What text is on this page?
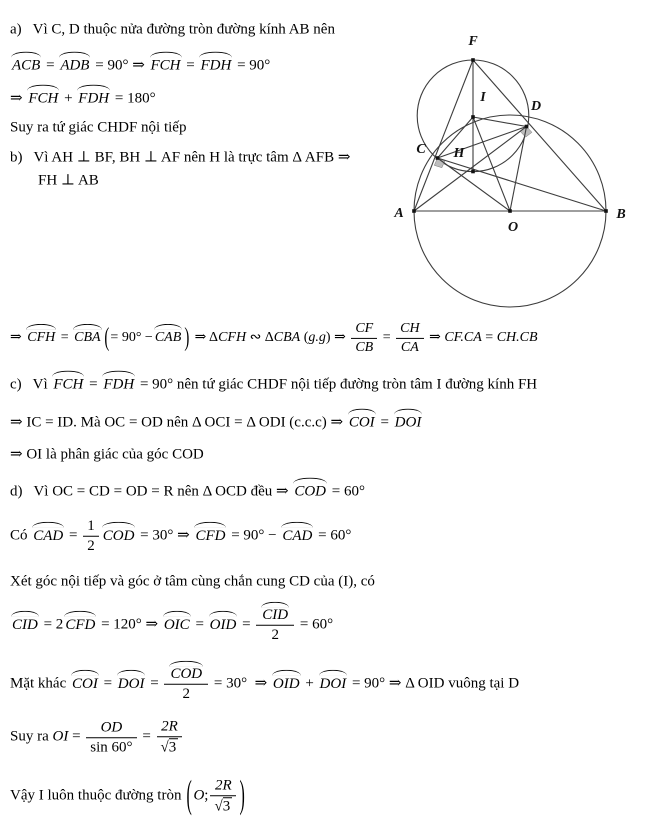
a)   Vì C, D thuộc nửa đường tròn đường kính AB nên
ACB = ADB = 90° ⇒ FCH = FDH = 90°
⇒ FCH + FDH = 180°
Suy ra tứ giác CHDF nội tiếp
b)   Vì AH ⊥ BF, BH ⊥ AF nên H là trực tâm Δ AFB ⇒
FH ⊥ AB
⇒ CFH = CBA ( = 90° − CAB ) ⇒ ΔCFH ∾ ΔCBA (g.g) ⇒ $\frac{CF}{CB} = \frac{CH}{CA}$ ⇒ CF.CA = CH.CB
c)   Vì FCH = FDH = 90° nên tứ giác CHDF nội tiếp đường tròn tâm I đường kính FH
⇒ IC = ID. Mà OC = OD nên Δ OCI = Δ ODI (c.c.c) ⇒ COI = DOI
⇒ OI là phân giác của góc COD
d)   Vì OC = CD = OD = R nên Δ OCD đều ⇒ COD = 60°
Có CAD = $\frac{1}{2}$ COD = 30° ⇒ CFD = 90° − CAD = 60°
Xét góc nội tiếp và góc ở tâm cùng chắn cung CD của (I), có
CID = 2 CFD = 120° ⇒ OIC = OID = $\frac{\text{CID}}{2} = 60^\circ$
Mặt khác COI = DOI = $\frac{\text{COD}}{2} = 30^\circ$  ⇒ OID + DOI = 90° ⇒ Δ OID vuông tại D
Suy ra OI = $\frac{OD}{\sin 60^\circ} = \frac{2R}{√3}$
Vậy I luôn thuộc đường tròn ( O ; $\frac{2R}{√3}$ )
F
I
D
C H
A	B
O
